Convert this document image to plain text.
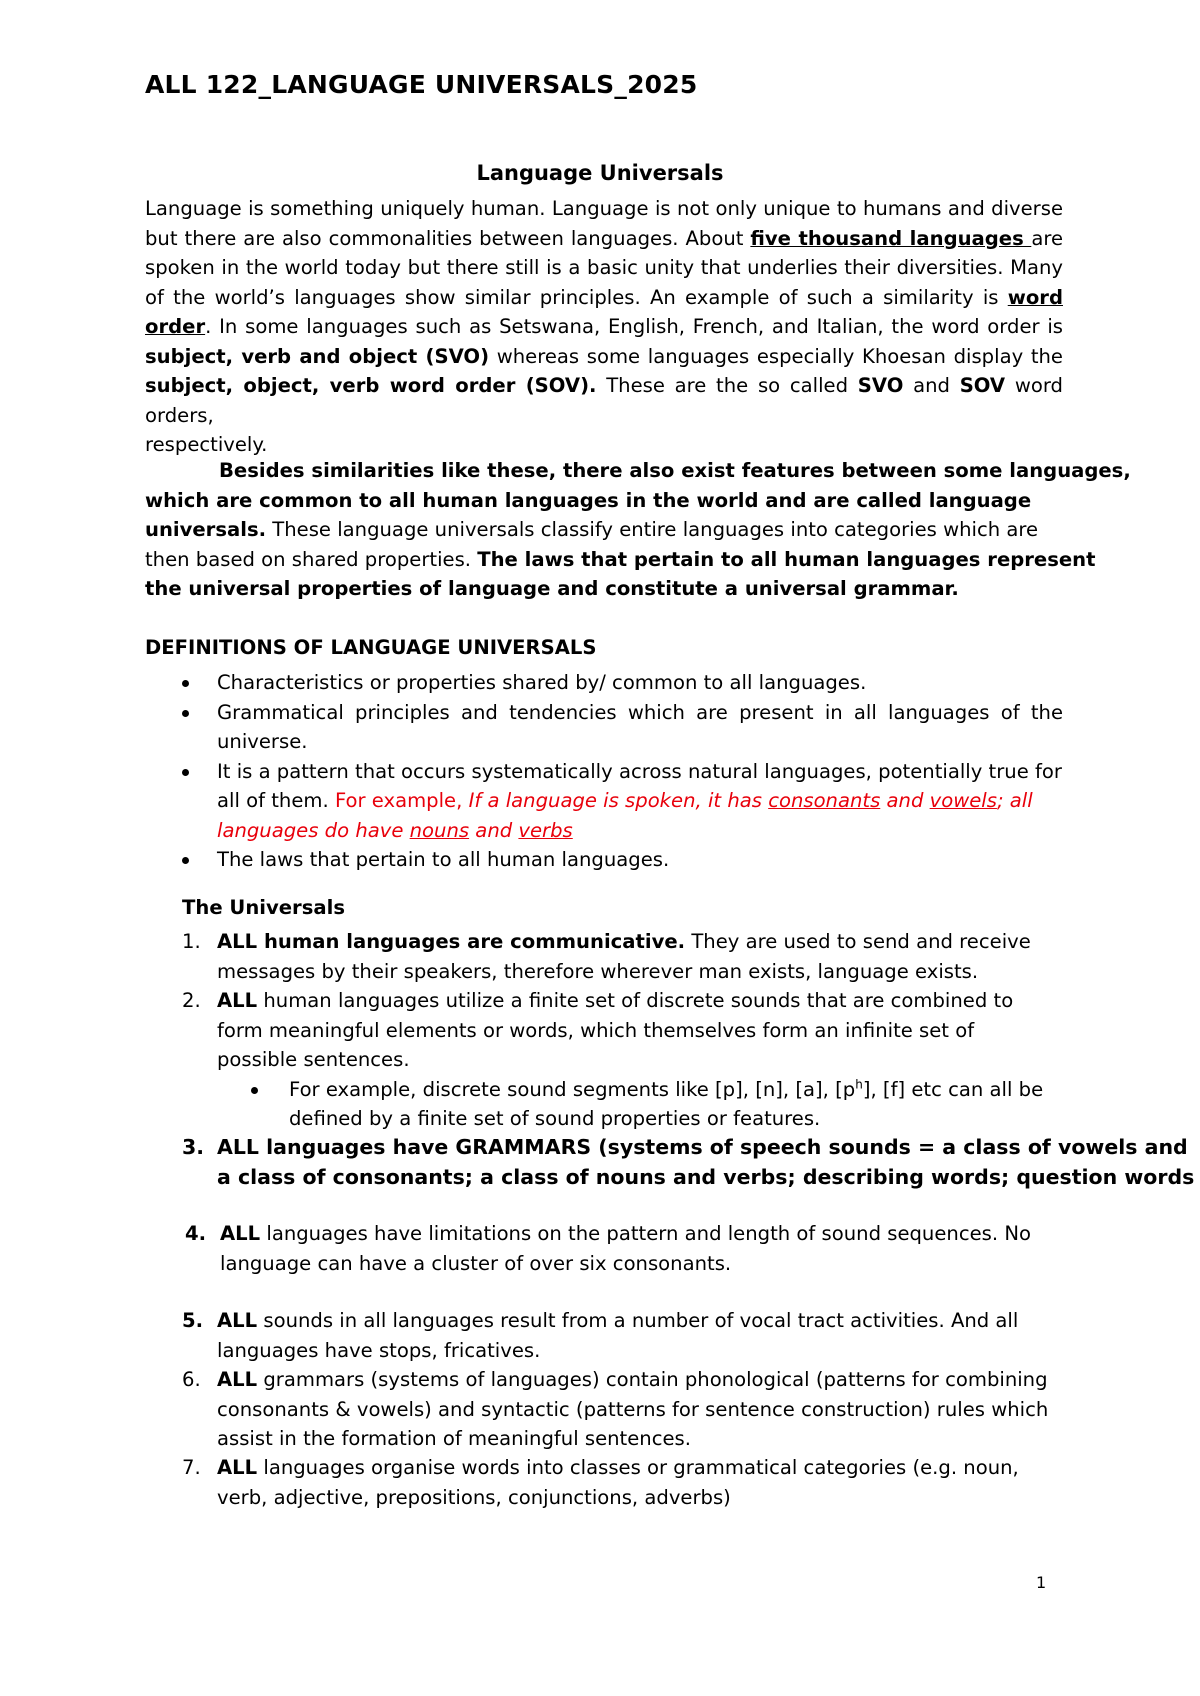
ALL 122_LANGUAGE UNIVERSALS_2025
Language Universals
Language is something uniquely human. Language is not only unique to humans and diverse
but there are also commonalities between languages. About five thousand languages are
spoken in the world today but there still is a basic unity that underlies their diversities. Many
of the world’s languages show similar principles. An example of such a similarity is word
order. In some languages such as Setswana, English, French, and Italian, the word order is
subject, verb and object (SVO) whereas some languages especially Khoesan display the
subject, object, verb word order (SOV). These are the so called SVO and SOV word orders,
respectively.
Besides similarities like these, there also exist features between some languages,
which are common to all human languages in the world and are called language
universals. These language universals classify entire languages into categories which are
then based on shared properties. The laws that pertain to all human languages represent
the universal properties of language and constitute a universal grammar.
DEFINITIONS OF LANGUAGE UNIVERSALS
Characteristics or properties shared by/ common to all languages.
Grammatical principles and tendencies which are present in all languages of the
universe.
It is a pattern that occurs systematically across natural languages, potentially true for
all of them. For example, If a language is spoken, it has consonants and vowels; all
languages do have nouns and verbs
The laws that pertain to all human languages.
The Universals
1. ALL human languages are communicative. They are used to send and receive
messages by their speakers, therefore wherever man exists, language exists.
2. ALL human languages utilize a finite set of discrete sounds that are combined to
form meaningful elements or words, which themselves form an infinite set of
possible sentences.
For example, discrete sound segments like [p], [n], [a], $[p^h]$, [f] etc can all be
defined by a finite set of sound properties or features.
3. ALL languages have GRAMMARS (systems of speech sounds = a class of vowels and
a class of consonants; a class of nouns and verbs; describing words; question words
4. ALL languages have limitations on the pattern and length of sound sequences. No
language can have a cluster of over six consonants.
5. ALL sounds in all languages result from a number of vocal tract activities. And all
languages have stops, fricatives.
6. ALL grammars (systems of languages) contain phonological (patterns for combining
consonants & vowels) and syntactic (patterns for sentence construction) rules which
assist in the formation of meaningful sentences.
7. ALL languages organise words into classes or grammatical categories (e.g. noun,
verb, adjective, prepositions, conjunctions, adverbs)
1
